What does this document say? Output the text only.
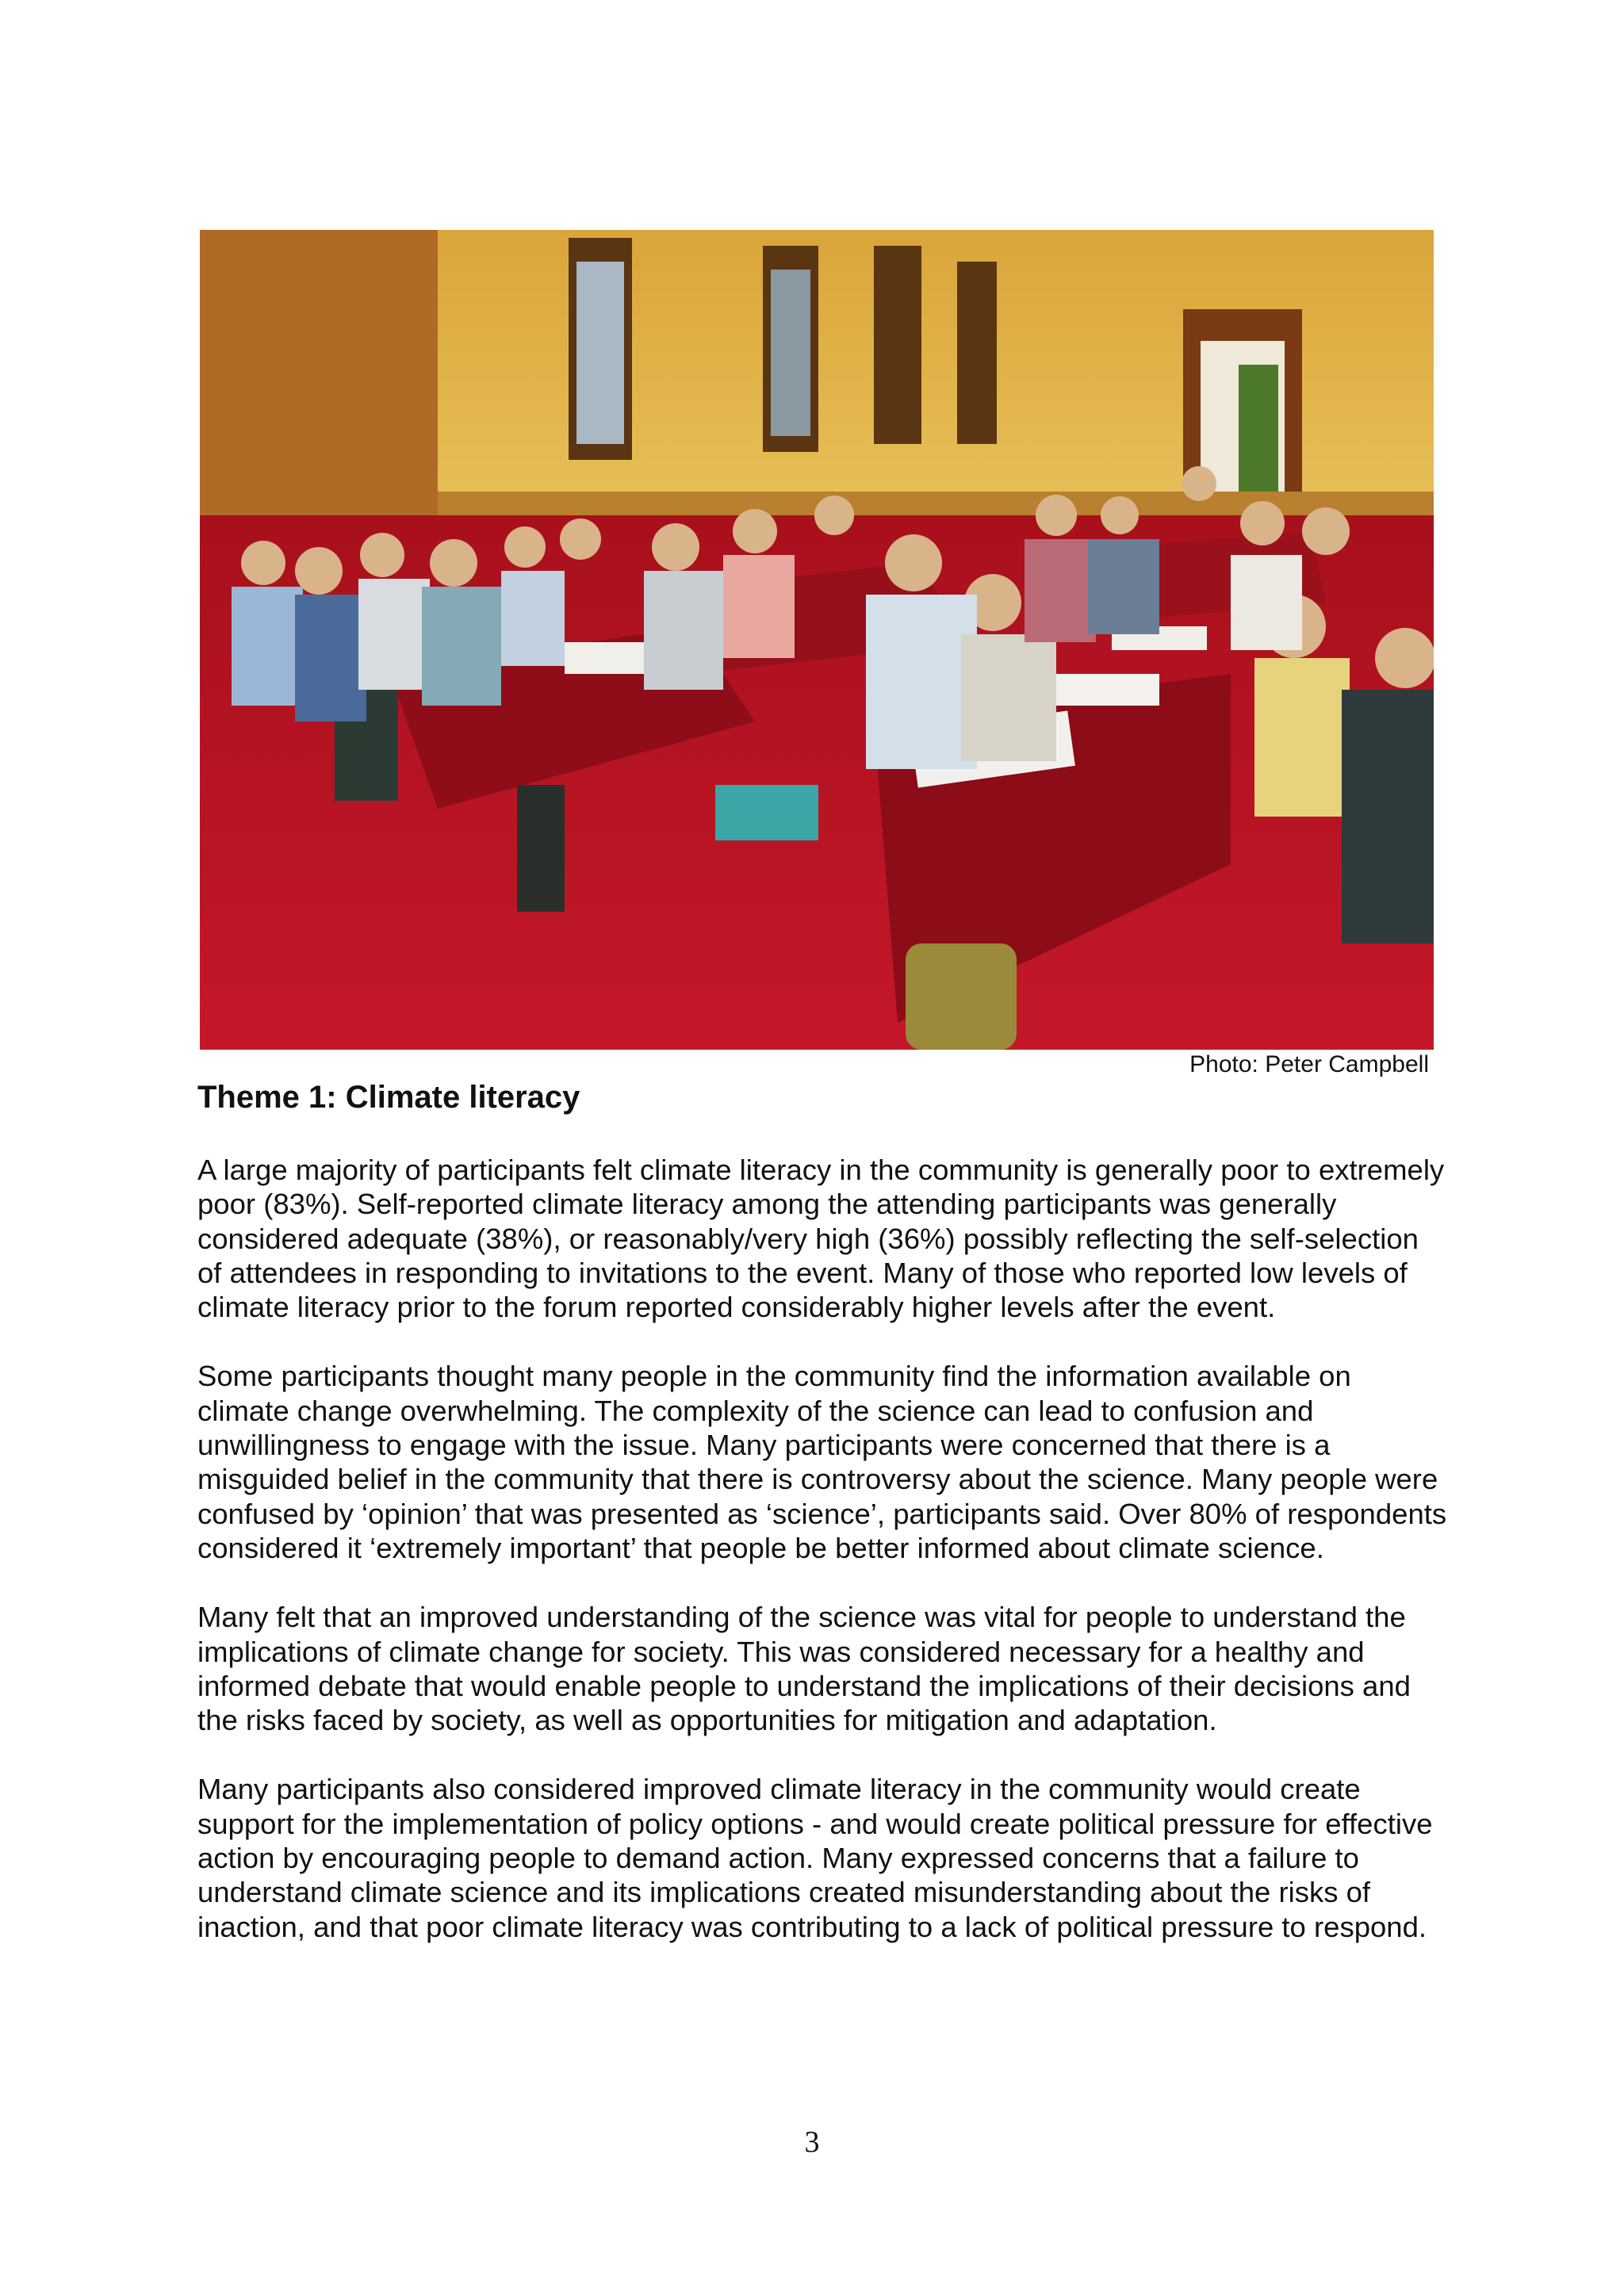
Photo: Peter Campbell
Theme 1: Climate literacy

A large majority of participants felt climate literacy in the community is generally poor to extremely poor (83%). Self-reported climate literacy among the attending participants was generally considered adequate (38%), or reasonably/very high (36%) possibly reflecting the self-selection of attendees in responding to invitations to the event. Many of those who reported low levels of climate literacy prior to the forum reported considerably higher levels after the event.

Some participants thought many people in the community find the information available on climate change overwhelming. The complexity of the science can lead to confusion and unwillingness to engage with the issue. Many participants were concerned that there is a misguided belief in the community that there is controversy about the science. Many people were confused by ‘opinion’ that was presented as ‘science’, participants said. Over 80% of respondents considered it ‘extremely important’ that people be better informed about climate science.

Many felt that an improved understanding of the science was vital for people to understand the implications of climate change for society. This was considered necessary for a healthy and informed debate that would enable people to understand the implications of their decisions and the risks faced by society, as well as opportunities for mitigation and adaptation.

Many participants also considered improved climate literacy in the community would create support for the implementation of policy options - and would create political pressure for effective action by encouraging people to demand action. Many expressed concerns that a failure to understand climate science and its implications created misunderstanding about the risks of inaction, and that poor climate literacy was contributing to a lack of political pressure to respond.

3
